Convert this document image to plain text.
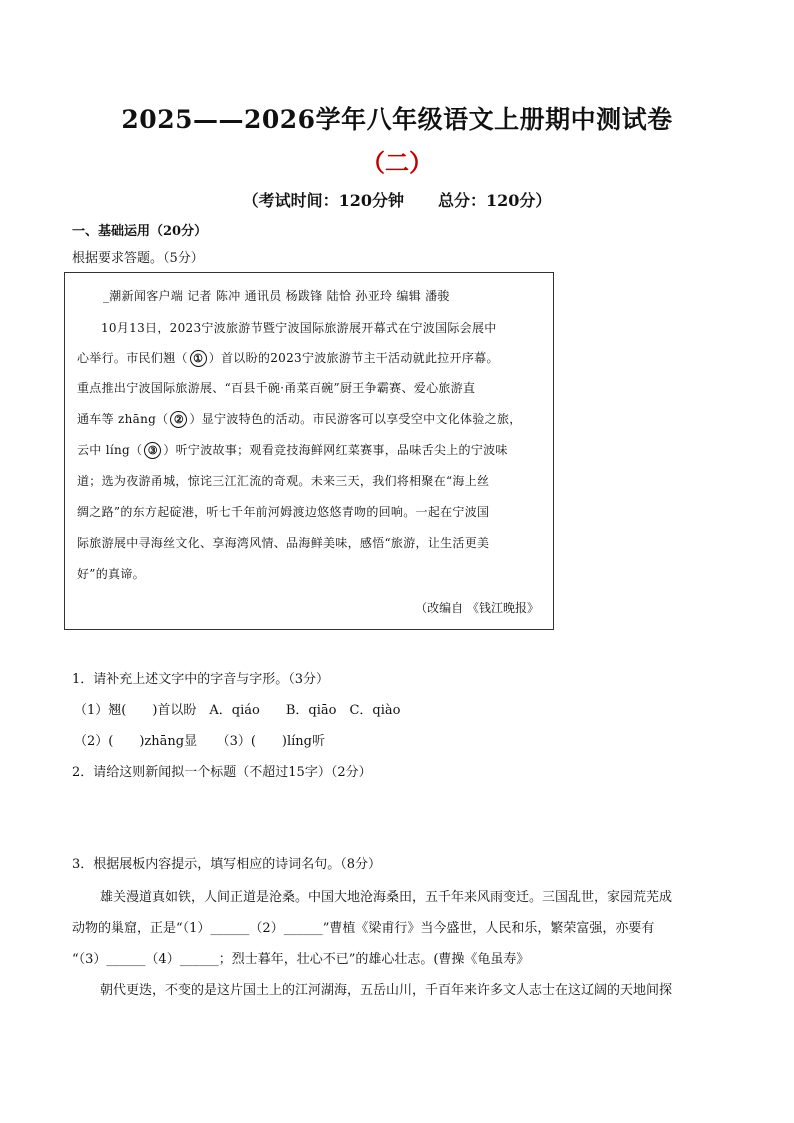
2025——2026学年八年级语文上册期中测试卷
（二）
（考试时间：120分钟 总分：120分）
一、基础运用（20分）
根据要求答题。（5分）
_潮新闻客户端 记者 陈冲 通讯员 杨跋锋 陆恰 孙亚玲 编辑 潘骏
10月13日，2023宁波旅游节暨宁波国际旅游展开幕式在宁波国际会展中
心举行。市民们翘（ ① ）首以盼的2023宁波旅游节主干活动就此拉开序幕。
重点推出宁波国际旅游展、“百县千碗·甬菜百碗”厨王争霸赛、爱心旅游直
通车等 zhāng（ ② ）显宁波特色的活动。市民游客可以享受空中文化体验之旅，
云中 líng（ ③ ）听宁波故事；观看竞技海鲜网红菜赛事，品味舌尖上的宁波味
道；选为夜游甬城，惊诧三江汇流的奇观。未来三天，我们将相聚在“海上丝
绸之路”的东方起碇港，听七千年前河姆渡边悠悠青吻的回响。一起在宁波国
际旅游展中寻海丝文化、享海湾风情、品海鲜美味，感悟“旅游，让生活更美
好”的真谛。
（改编自 《钱江晚报》
1．请补充上述文字中的字音与字形。（3分）
（1）翘(　　)首以盼　A．qiáo　　B．qiāo　C．qiào
（2）(　　)zhāng显　　（3）(　　)líng听
2．请给这则新闻拟一个标题（不超过15字）（2分）
3．根据展板内容提示，填写相应的诗词名句。（8分）
雄关漫道真如铁，人间正道是沧桑。中国大地沧海桑田，五千年来风雨变迁。三国乱世，家园荒芜成
动物的巢窟，正是“（1）______（2）______”曹植《梁甫行》当今盛世，人民和乐，繁荣富强，亦要有
“（3）______（4）______；烈士暮年，壮心不已”的雄心壮志。(曹操《龟虽寿》
朝代更迭，不变的是这片国土上的江河湖海，五岳山川，千百年来许多文人志士在这辽阔的天地间探
